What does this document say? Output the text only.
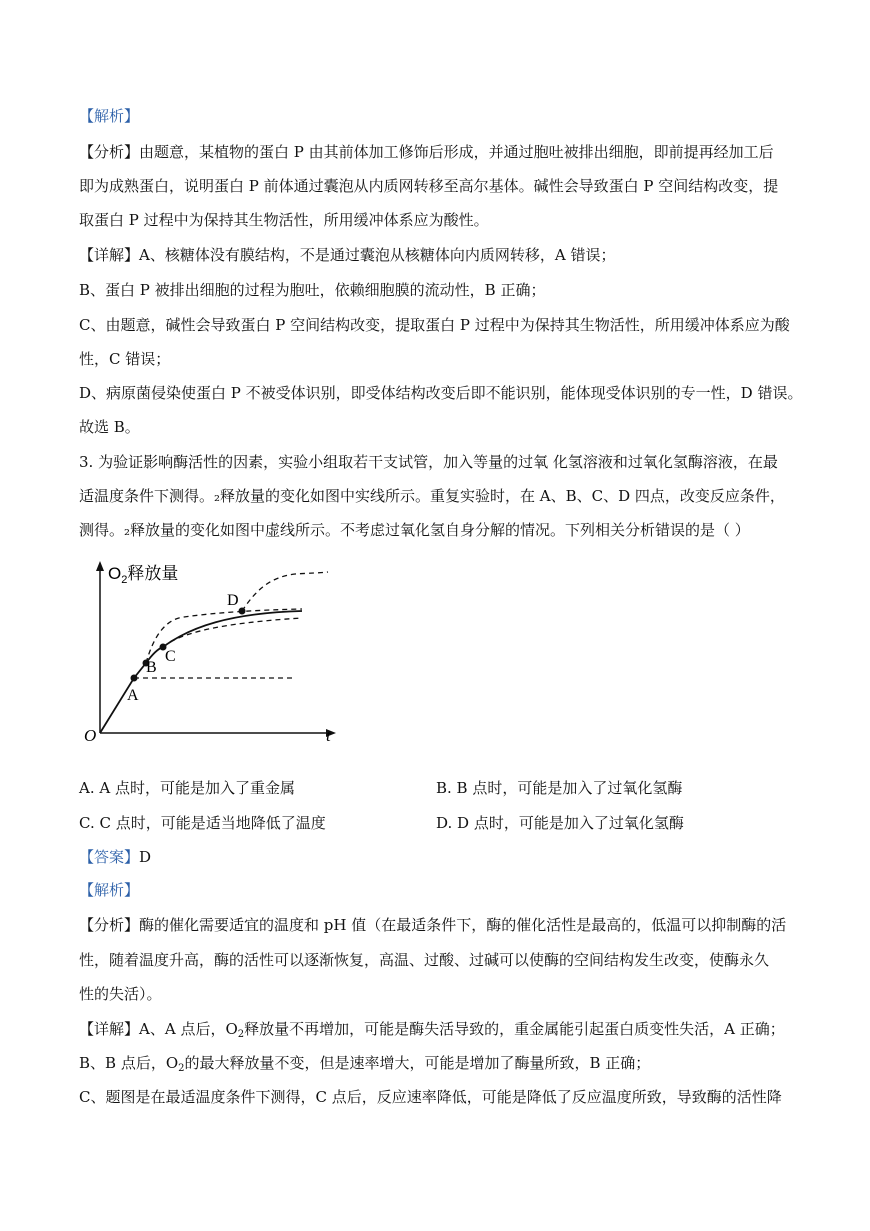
【解析】
【分析】由题意，某植物的蛋白 P 由其前体加工修饰后形成，并通过胞吐被排出细胞，即前提再经加工后
即为成熟蛋白，说明蛋白 P 前体通过囊泡从内质网转移至高尔基体。碱性会导致蛋白 P 空间结构改变，提
取蛋白 P 过程中为保持其生物活性，所用缓冲体系应为酸性。
【详解】A、核糖体没有膜结构，不是通过囊泡从核糖体向内质网转移，A 错误；
B、蛋白 P 被排出细胞的过程为胞吐，依赖细胞膜的流动性，B 正确；
C、由题意，碱性会导致蛋白 P 空间结构改变，提取蛋白 P 过程中为保持其生物活性，所用缓冲体系应为酸
性，C 错误；
D、病原菌侵染使蛋白 P 不被受体识别，即受体结构改变后即不能识别，能体现受体识别的专一性，D 错误。
故选 B。
3. 为验证影响酶活性的因素，实验小组取若干支试管，加入等量的过氧 化氢溶液和过氧化氢酶溶液，在最
适温度条件下测得。₂释放量的变化如图中实线所示。重复实验时，在 A、B、C、D 四点，改变反应条件，
测得。₂释放量的变化如图中虚线所示。不考虑过氧化氢自身分解的情况。下列相关分析错误的是（ ）
$O_2$释放量
t
O
A
B
C
D
A. A 点时，可能是加入了重金属	B. B 点时，可能是加入了过氧化氢酶
C. C 点时，可能是适当地降低了温度	D. D 点时，可能是加入了过氧化氢酶
【答案】D
【解析】
【分析】酶的催化需要适宜的温度和 pH 值（在最适条件下，酶的催化活性是最高的，低温可以抑制酶的活
性，随着温度升高，酶的活性可以逐渐恢复，高温、过酸、过碱可以使酶的空间结构发生改变，使酶永久
性的失活）。
【详解】A、A 点后，$O_2$释放量不再增加，可能是酶失活导致的，重金属能引起蛋白质变性失活，A 正确；
B、B 点后，$O_2$的最大释放量不变，但是速率增大，可能是增加了酶量所致，B 正确；
C、题图是在最适温度条件下测得，C 点后，反应速率降低，可能是降低了反应温度所致，导致酶的活性降
